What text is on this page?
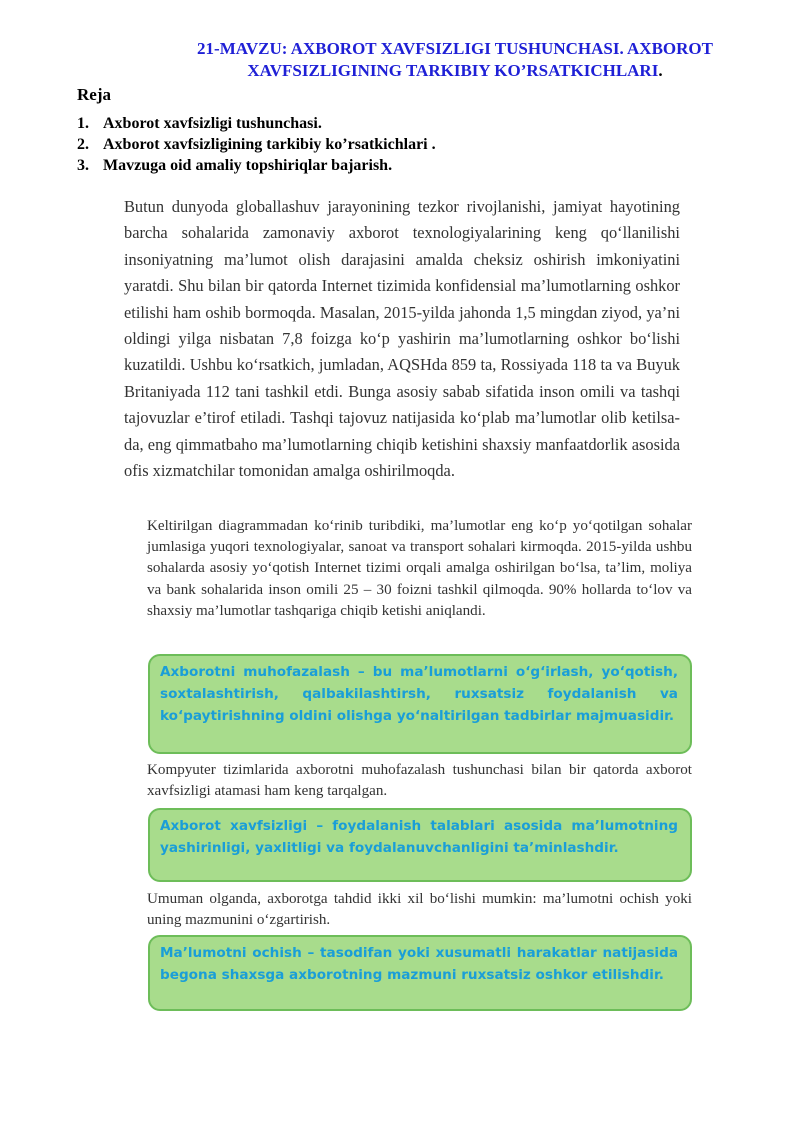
21-MAVZU: AXBOROT XAVFSIZLIGI TUSHUNCHASI. AXBOROT XAVFSIZLIGINING TARKIBIY KO’RSATKICHLARI.
Reja
1. Axborot xavfsizligi tushunchasi.
2. Axborot xavfsizligining tarkibiy ko’rsatkichlari .
3. Mavzuga oid amaliy topshiriqlar bajarish.

Butun dunyoda globallashuv jarayonining tezkor rivojlanishi, jamiyat hayotining barcha sohalarida zamonaviy axborot texnologiyalarining keng qo‘llanilishi insoniyatning ma’lumot olish darajasini amalda cheksiz oshirish imkoniyatini yaratdi. Shu bilan bir qatorda Internet tizimida konfidensial ma’lumotlarning oshkor etilishi ham oshib bormoqda. Masalan, 2015-yilda jahonda 1,5 mingdan ziyod, ya’ni oldingi yilga nisbatan 7,8 foizga ko‘p yashirin ma’lumotlarning oshkor bo‘lishi kuzatildi. Ushbu ko‘rsatkich, jumladan, AQSHda 859 ta, Rossiyada 118 ta va Buyuk Britaniyada 112 tani tashkil etdi. Bunga asosiy sabab sifatida inson omili va tashqi tajovuzlar e’tirof etiladi. Tashqi tajovuz natijasida ko‘plab ma’lumotlar olib ketilsa-da, eng qimmatbaho ma’lumotlarning chiqib ketishini shaxsiy manfaatdorlik asosida ofis xizmatchilar tomonidan amalga oshirilmoqda.

Keltirilgan diagrammadan ko‘rinib turibdiki, ma’lumotlar eng ko‘p yo‘qotilgan sohalar jumlasiga yuqori texnologiyalar, sanoat va transport sohalari kirmoqda. 2015-yilda ushbu sohalarda asosiy yo‘qotish Internet tizimi orqali amalga oshirilgan bo‘lsa, ta’lim, moliya va bank sohalarida inson omili 25 – 30 foizni tashkil qilmoqda. 90% hollarda to‘lov va shaxsiy ma’lumotlar tashqariga chiqib ketishi aniqlandi.

Axborotni muhofazalash – bu ma’lumotlarni o‘g‘irlash, yo‘qotish, soxtalashtirish, qalbakilashtirsh, ruxsatsiz foydalanish va ko‘paytirishning oldini olishga yo‘naltirilgan tadbirlar majmuasidir.

Kompyuter tizimlarida axborotni muhofazalash tushunchasi bilan bir qatorda axborot xavfsizligi atamasi ham keng tarqalgan.

Axborot xavfsizligi – foydalanish talablari asosida ma’lumotning yashirinligi, yaxlitligi va foydalanuvchanligini ta’minlashdir.

Umuman olganda, axborotga tahdid ikki xil bo‘lishi mumkin: ma’lumotni ochish yoki uning mazmunini o‘zgartirish.

Ma’lumotni ochish – tasodifan yoki xusumatli harakatlar natijasida begona shaxsga axborotning mazmuni ruxsatsiz oshkor etilishdir.
